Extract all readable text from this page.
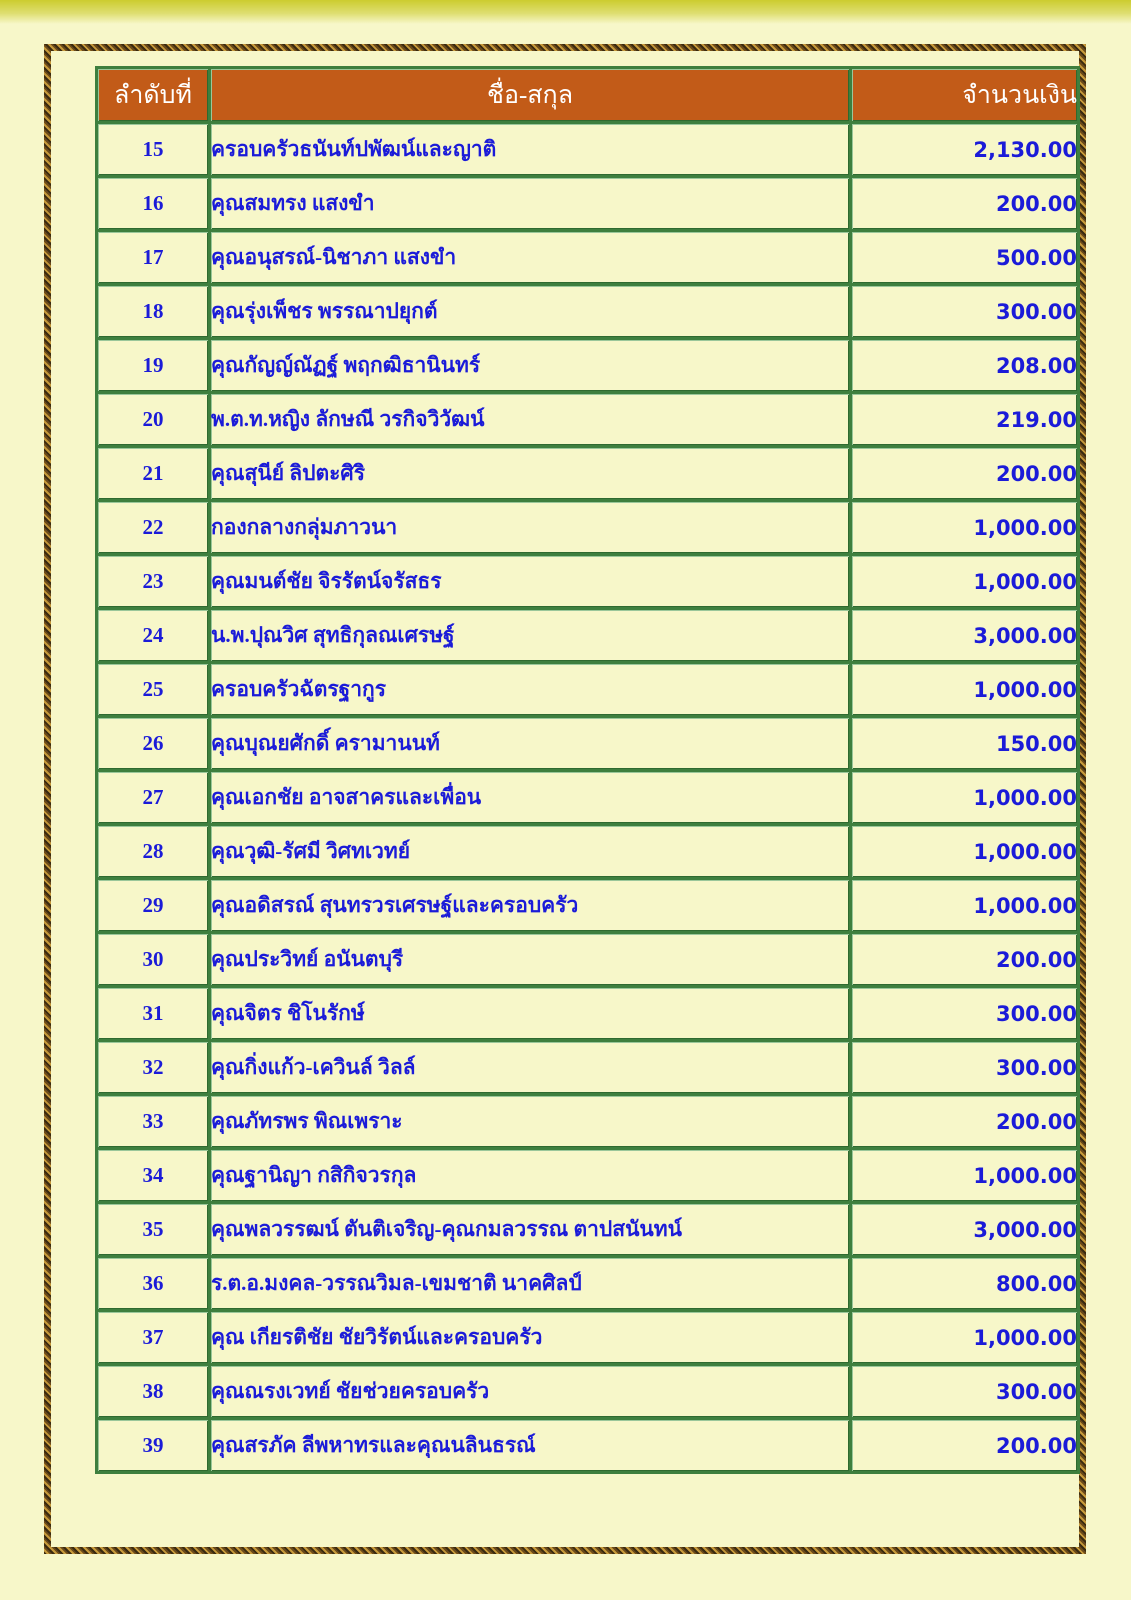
ลำดับที่	ชื่อ-สกุล	จำนวนเงิน
15	ครอบครัวธนันท์ปพัฒน์และญาติ	2,130.00
16	คุณสมทรง แสงขำ	200.00
17	คุณอนุสรณ์-นิชาภา แสงขำ	500.00
18	คุณรุ่งเพ็ชร พรรณาปยุกต์	300.00
19	คุณกัญญ์ณัฏฐ์ พฤกฒิธานินทร์	208.00
20	พ.ต.ท.หญิง ลักษณี วรกิจวิวัฒน์	219.00
21	คุณสุนีย์ ลิปตะศิริ	200.00
22	กองกลางกลุ่มภาวนา	1,000.00
23	คุณมนต์ชัย จิรรัตน์จรัสธร	1,000.00
24	น.พ.ปุณวิศ สุทธิกุลณเศรษฐ์	3,000.00
25	ครอบครัวฉัตรฐากูร	1,000.00
26	คุณบุณยศักดิ์ ครามานนท์	150.00
27	คุณเอกชัย อาจสาครและเพื่อน	1,000.00
28	คุณวุฒิ-รัศมี วิศทเวทย์	1,000.00
29	คุณอดิสรณ์ สุนทรวรเศรษฐ์และครอบครัว	1,000.00
30	คุณประวิทย์ อนันตบุรี	200.00
31	คุณจิตร ชิโนรักษ์	300.00
32	คุณกิ่งแก้ว-เควินล์ วิลล์	300.00
33	คุณภัทรพร พิณเพราะ	200.00
34	คุณฐานิญา กสิกิจวรกุล	1,000.00
35	คุณพลวรรฒน์ ตันติเจริญ-คุณกมลวรรณ ตาปสนันทน์	3,000.00
36	ร.ต.อ.มงคล-วรรณวิมล-เขมชาติ นาคศิลป์	800.00
37	คุณ เกียรติชัย ชัยวิรัตน์และครอบครัว	1,000.00
38	คุณณรงเวทย์ ชัยช่วยครอบครัว	300.00
39	คุณสรภัค ลีพหาทรและคุณนลินธรณ์	200.00
